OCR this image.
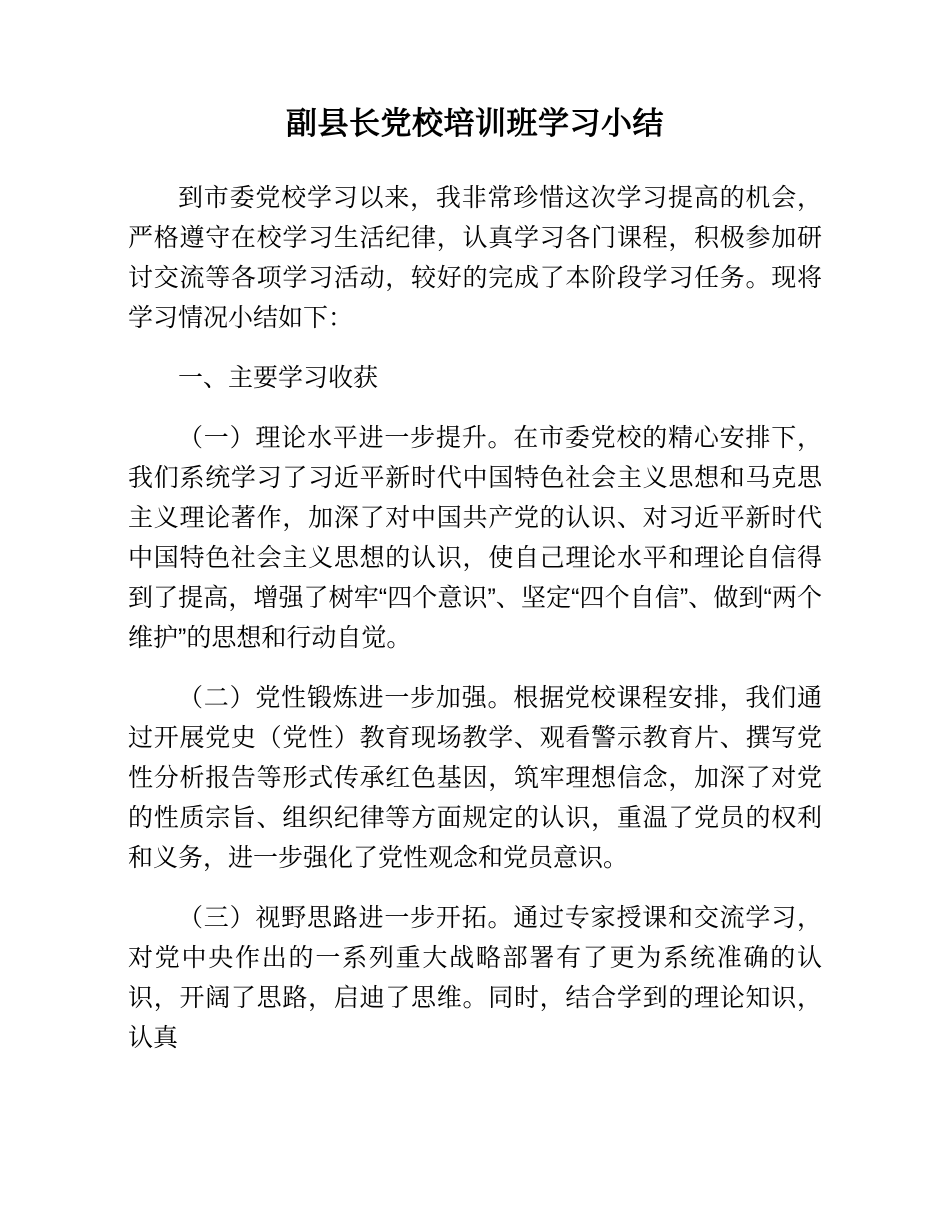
副县长党校培训班学习小结

到市委党校学习以来，我非常珍惜这次学习提高的机会，严格遵守在校学习生活纪律，认真学习各门课程，积极参加研讨交流等各项学习活动，较好的完成了本阶段学习任务。现将学习情况小结如下：

一、主要学习收获

（一）理论水平进一步提升。在市委党校的精心安排下，我们系统学习了习近平新时代中国特色社会主义思想和马克思主义理论著作，加深了对中国共产党的认识、对习近平新时代中国特色社会主义思想的认识，使自己理论水平和理论自信得到了提高，增强了树牢“四个意识”、坚定“四个自信”、做到“两个维护”的思想和行动自觉。

（二）党性锻炼进一步加强。根据党校课程安排，我们通过开展党史（党性）教育现场教学、观看警示教育片、撰写党性分析报告等形式传承红色基因，筑牢理想信念，加深了对党的性质宗旨、组织纪律等方面规定的认识，重温了党员的权利和义务，进一步强化了党性观念和党员意识。

（三）视野思路进一步开拓。通过专家授课和交流学习，对党中央作出的一系列重大战略部署有了更为系统准确的认识，开阔了思路，启迪了思维。同时，结合学到的理论知识，认真
